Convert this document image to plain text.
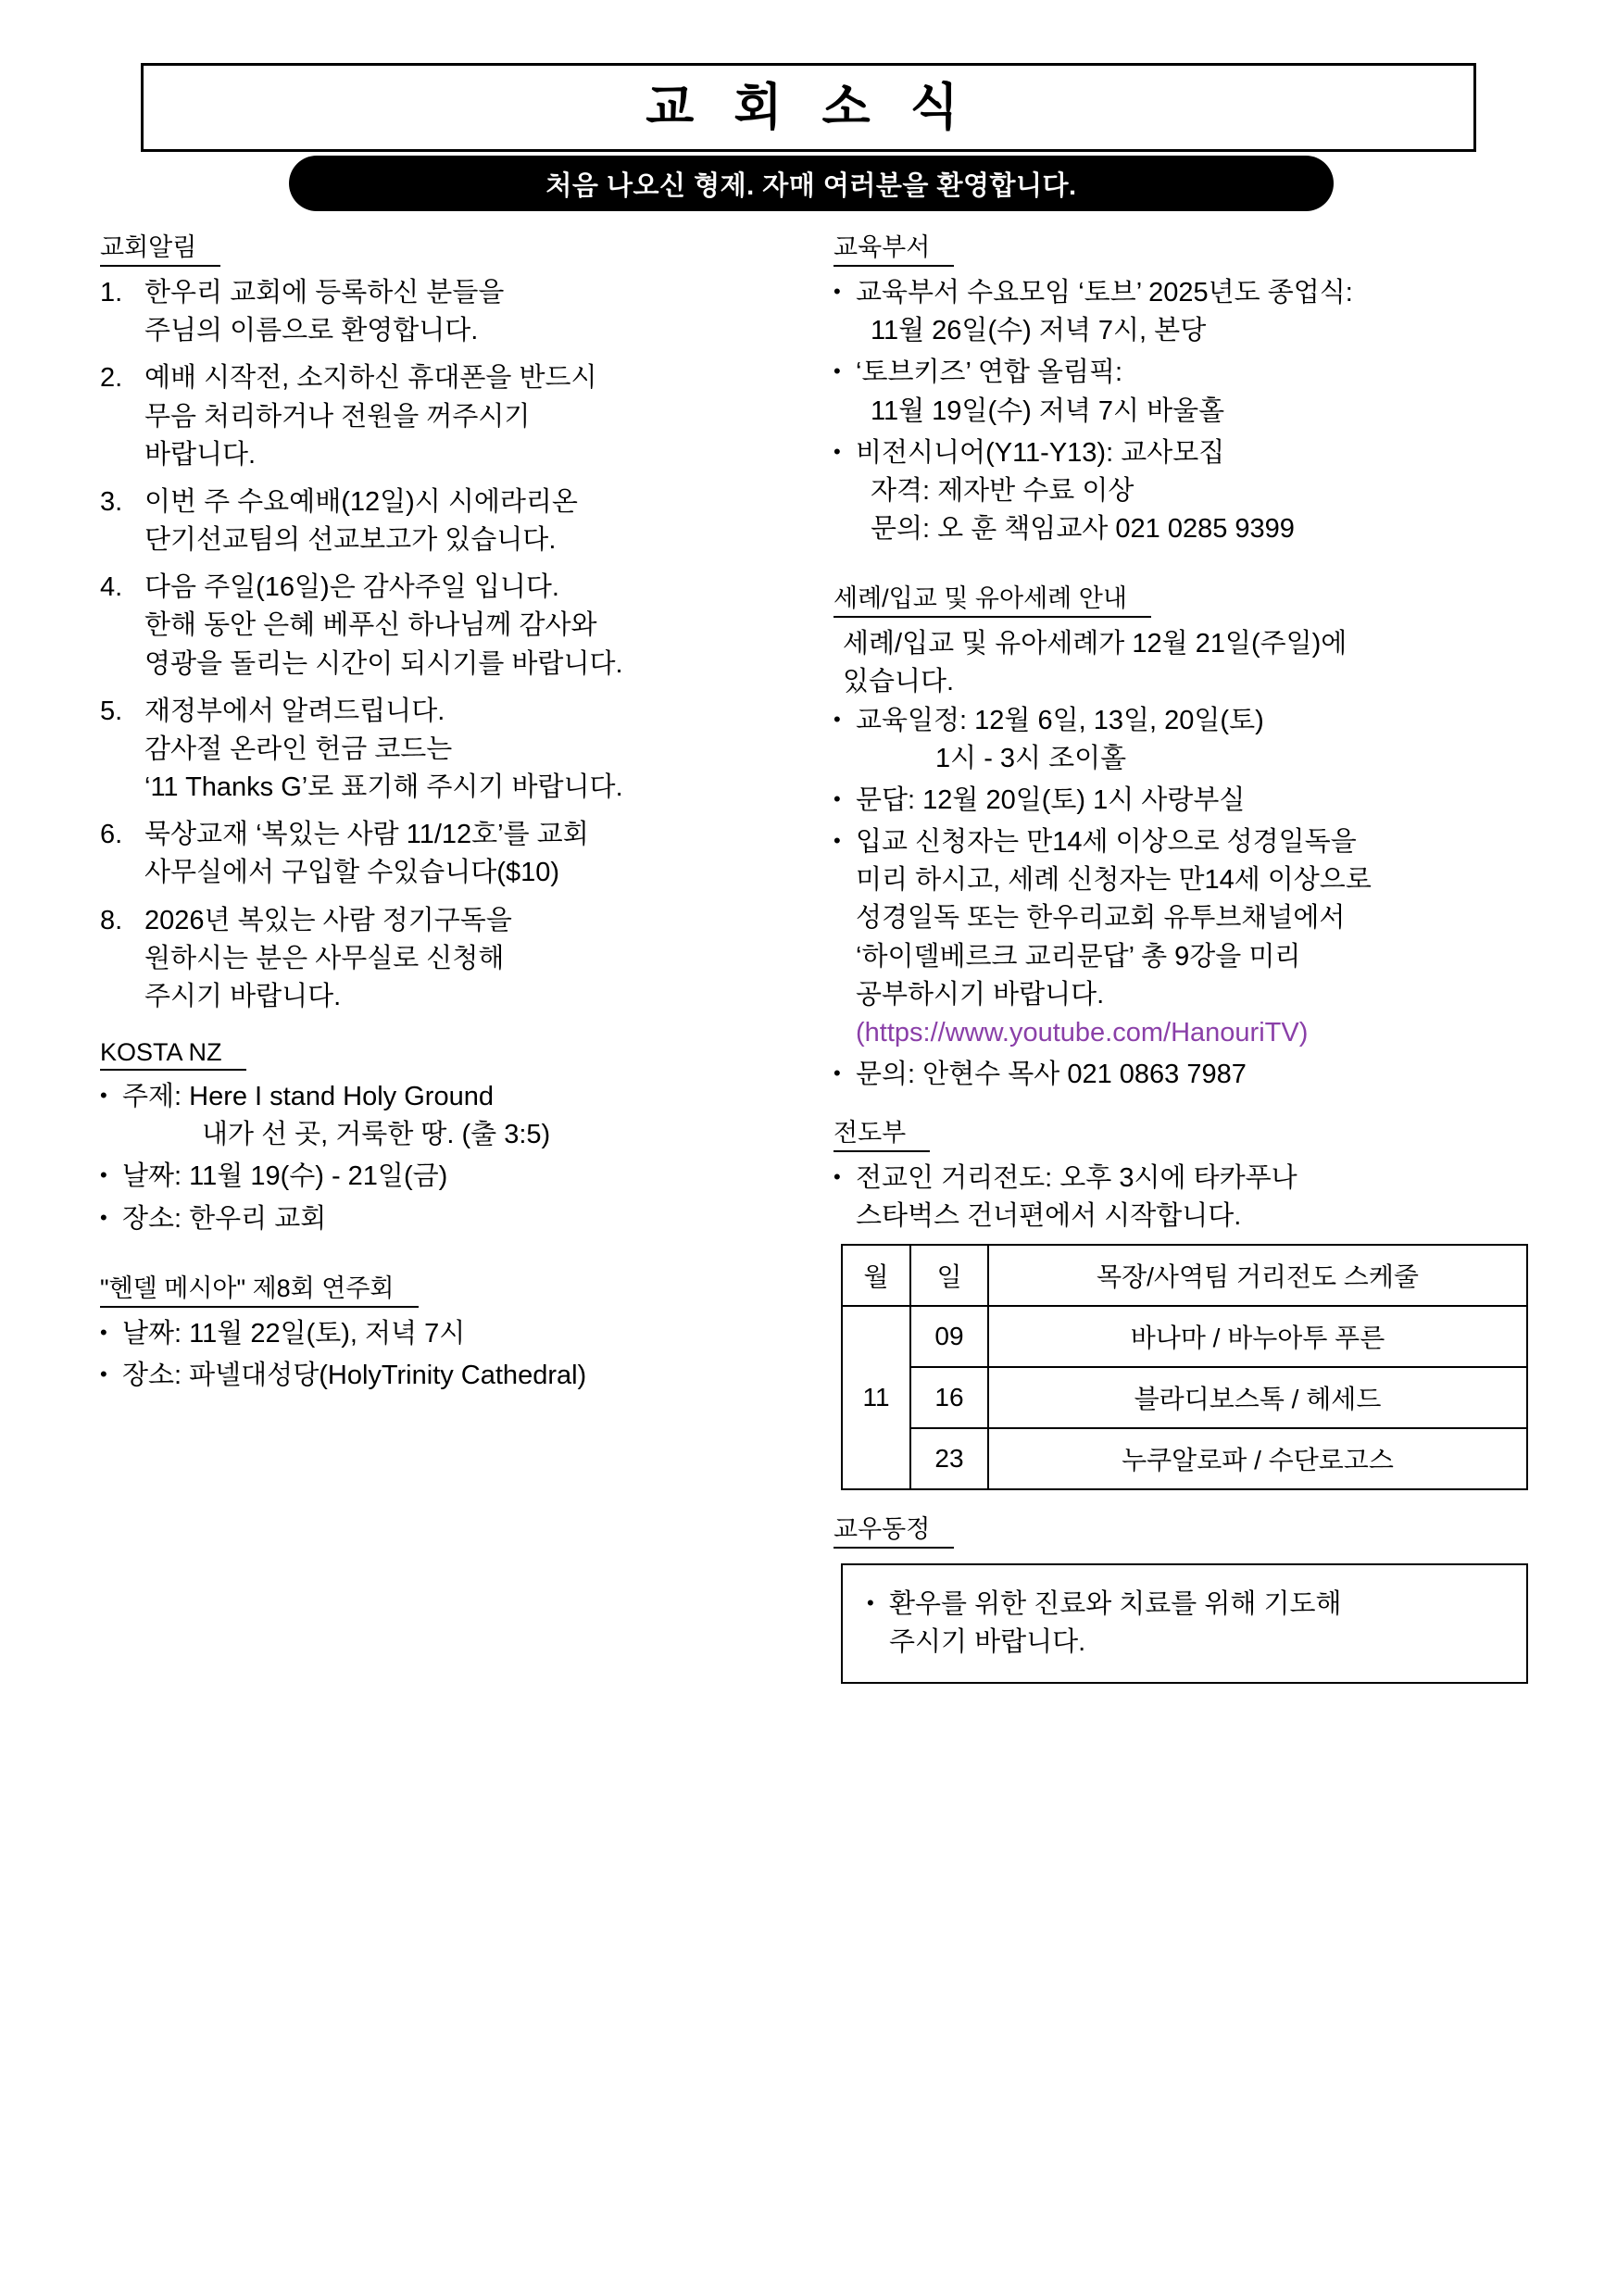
교 회 소 식
처음 나오신 형제. 자매 여러분을 환영합니다.
교회알림
1. 한우리 교회에 등록하신 분들을
주님의 이름으로 환영합니다.
2. 예배 시작전, 소지하신 휴대폰을 반드시
무음 처리하거나 전원을 꺼주시기
바랍니다.
3. 이번 주 수요예배(12일)시 시에라리온
단기선교팀의 선교보고가 있습니다.
4. 다음 주일(16일)은 감사주일 입니다.
한해 동안 은혜 베푸신 하나님께 감사와
영광을 돌리는 시간이 되시기를 바랍니다.
5. 재정부에서 알려드립니다.
감사절 온라인 헌금 코드는
‘11 Thanks G’로 표기해 주시기 바랍니다.
6. 묵상교재 ‘복있는 사람 11/12호’를 교회
사무실에서 구입할 수있습니다($10)
8. 2026년 복있는 사람 정기구독을
원하시는 분은 사무실로 신청해
주시기 바랍니다.
KOSTA NZ
• 주제: Here I stand Holy Ground
내가 선 곳, 거룩한 땅. (출 3:5)
• 날짜: 11월 19(수) - 21일(금)
• 장소: 한우리 교회
"헨델 메시아" 제8회 연주회
• 날짜: 11월 22일(토), 저녁 7시
• 장소: 파넬대성당(HolyTrinity Cathedral)
교육부서
• 교육부서 수요모임 ‘토브’ 2025년도 종업식:
11월 26일(수) 저녁 7시, 본당
• ‘토브키즈’ 연합 올림픽:
11월 19일(수) 저녁 7시 바울홀
• 비전시니어(Y11-Y13): 교사모집
자격: 제자반 수료 이상
문의: 오 훈 책임교사 021 0285 9399
세례/입교 및 유아세례 안내
세례/입교 및 유아세례가 12월 21일(주일)에
있습니다.
• 교육일정: 12월 6일, 13일, 20일(토)
1시 - 3시 조이홀
• 문답: 12월 20일(토) 1시 사랑부실
• 입교 신청자는 만14세 이상으로 성경일독을
미리 하시고, 세례 신청자는 만14세 이상으로
성경일독 또는 한우리교회 유투브채널에서
‘하이델베르크 교리문답’ 총 9강을 미리
공부하시기 바랍니다.
(https://www.youtube.com/HanouriTV)
• 문의: 안현수 목사 021 0863 7987
전도부
• 전교인 거리전도: 오후 3시에 타카푸나
스타벅스 건너편에서 시작합니다.
월	일	목장/사역팀 거리전도 스케줄
11	09	바나마 / 바누아투 푸른
	16	블라디보스톡 / 헤세드
	23	누쿠알로파 / 수단로고스
교우동정
• 환우를 위한 진료와 치료를 위해 기도해
주시기 바랍니다.
